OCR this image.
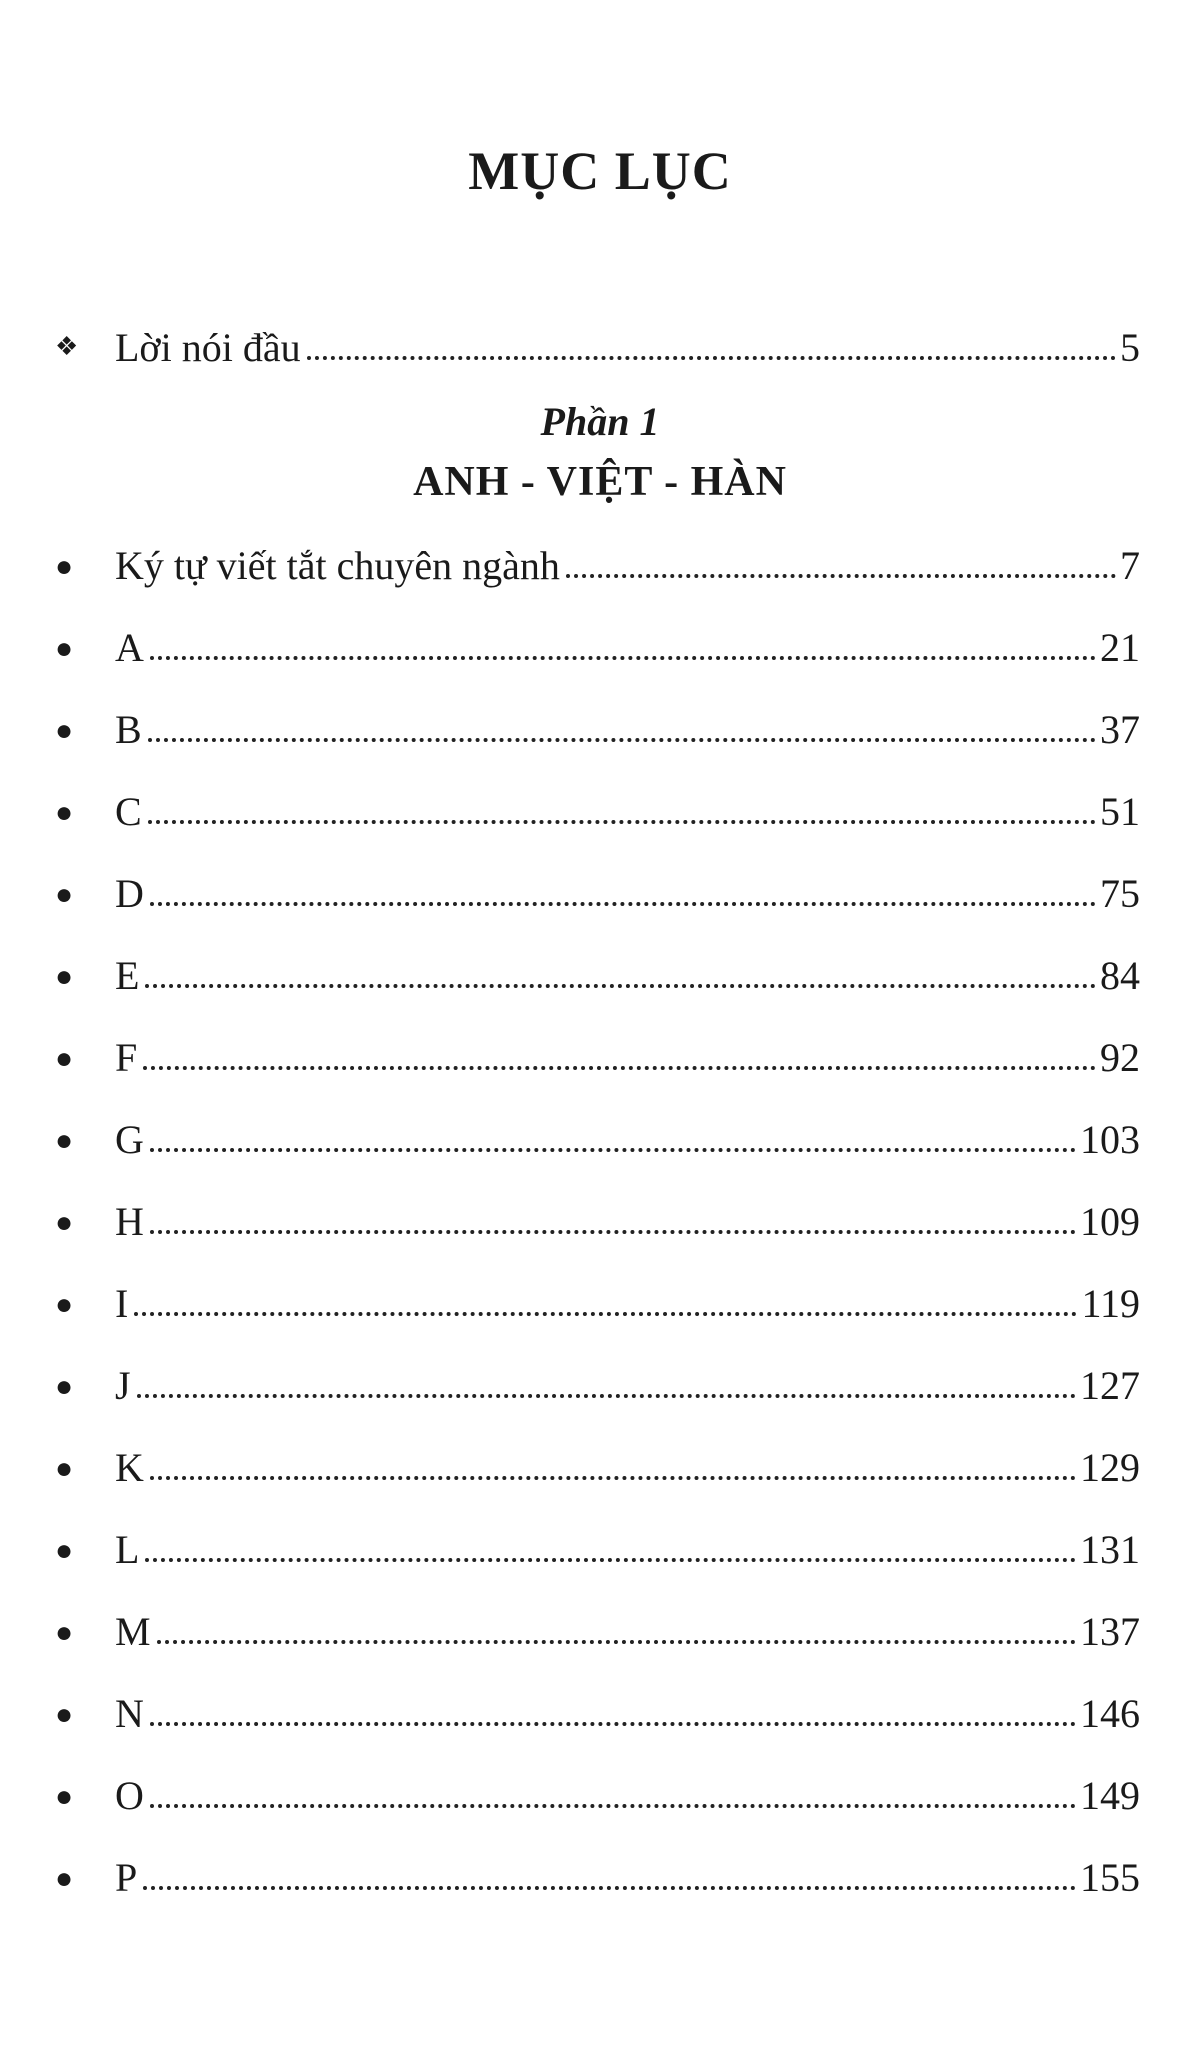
MỤC LỤC
❖ Lời nói đầu	5
Phần 1
ANH - VIỆT - HÀN
●	Ký tự viết tắt chuyên ngành	7
●	A	21
●	B	37
●	C	51
●	D	75
●	E	84
●	F	92
●	G	103
●	H	109
●	I	119
●	J	127
●	K	129
●	L	131
●	M	137
●	N	146
●	O	149
●	P	155
